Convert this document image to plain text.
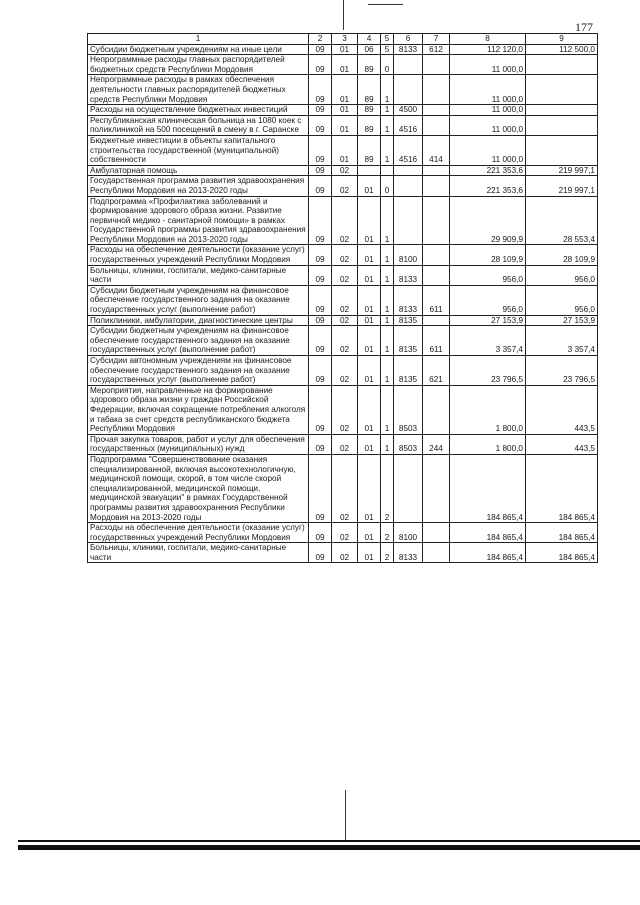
177
1	2	3	4	5	6	7	8	9
Субсидии бюджетным учреждениям на иные цели	09	01	06	5	8133	612	112 120,0	112 500,0
Непрограммные расходы главных распорядителей бюджетных средств Республики Мордовия	09	01	89	0			11 000,0	
Непрограммные расходы в рамках обеспечения деятельности главных распорядителей бюджетных средств Республики Мордовия	09	01	89	1			11 000,0	
Расходы на осуществление бюджетных инвестиций	09	01	89	1	4500		11 000,0	
Республиканская клиническая больница на 1080 коек с поликлиникой на 500 посещений в смену в г. Саранске	09	01	89	1	4516		11 000,0	
Бюджетные инвестиции в объекты капитального строительства государственной (муниципальной) собственности	09	01	89	1	4516	414	11 000,0	
Амбулаторная помощь	09	02					221 353,6	219 997,1
Государственная программа развития здравоохранения Республики Мордовия на 2013-2020 годы	09	02	01	0			221 353,6	219 997,1
Подпрограмма «Профилактика заболеваний и формирование здорового образа жизни. Развитие первичной медико - санитарной помощи» в рамках Государственной программы развития здравоохранения Республики Мордовия на 2013-2020 годы	09	02	01	1			29 909,9	28 553,4
Расходы на обеспечение деятельности (оказание услуг) государственных учреждений Республики Мордовия	09	02	01	1	8100		28 109,9	28 109,9
Больницы, клиники, госпитали, медико-санитарные части	09	02	01	1	8133		956,0	956,0
Субсидии бюджетным учреждениям на финансовое обеспечение государственного задания на оказание государственных услуг (выполнение работ)	09	02	01	1	8133	611	956,0	956,0
Поликлиники, амбулатории, диагностические центры	09	02	01	1	8135		27 153,9	27 153,9
Субсидии бюджетным учреждениям на финансовое обеспечение государственного задания на оказание государственных услуг (выполнение работ)	09	02	01	1	8135	611	3 357,4	3 357,4
Субсидии автономным учреждениям на финансовое обеспечение государственного задания на оказание государственных услуг (выполнение работ)	09	02	01	1	8135	621	23 796,5	23 796,5
Мероприятия, направленные на формирование здорового образа жизни у граждан Российской Федерации, включая сокращение потребления алкоголя и табака за счет средств республиканского бюджета Республики Мордовия	09	02	01	1	8503		1 800,0	443,5
Прочая закупка товаров, работ и услуг для обеспечения государственных (муниципальных) нужд	09	02	01	1	8503	244	1 800,0	443,5
Подпрограмма "Совершенствование оказания специализированной, включая высокотехнологичную, медицинской помощи, скорой, в том числе скорой специализированной, медицинской помощи, медицинской эвакуации" в рамках Государственной программы развития здравоохранения Республики Мордовия на 2013-2020 годы	09	02	01	2			184 865,4	184 865,4
Расходы на обеспечение деятельности (оказание услуг) государственных учреждений Республики Мордовия	09	02	01	2	8100		184 865,4	184 865,4
Больницы, клиники, госпитали, медико-санитарные части	09	02	01	2	8133		184 865,4	184 865,4
